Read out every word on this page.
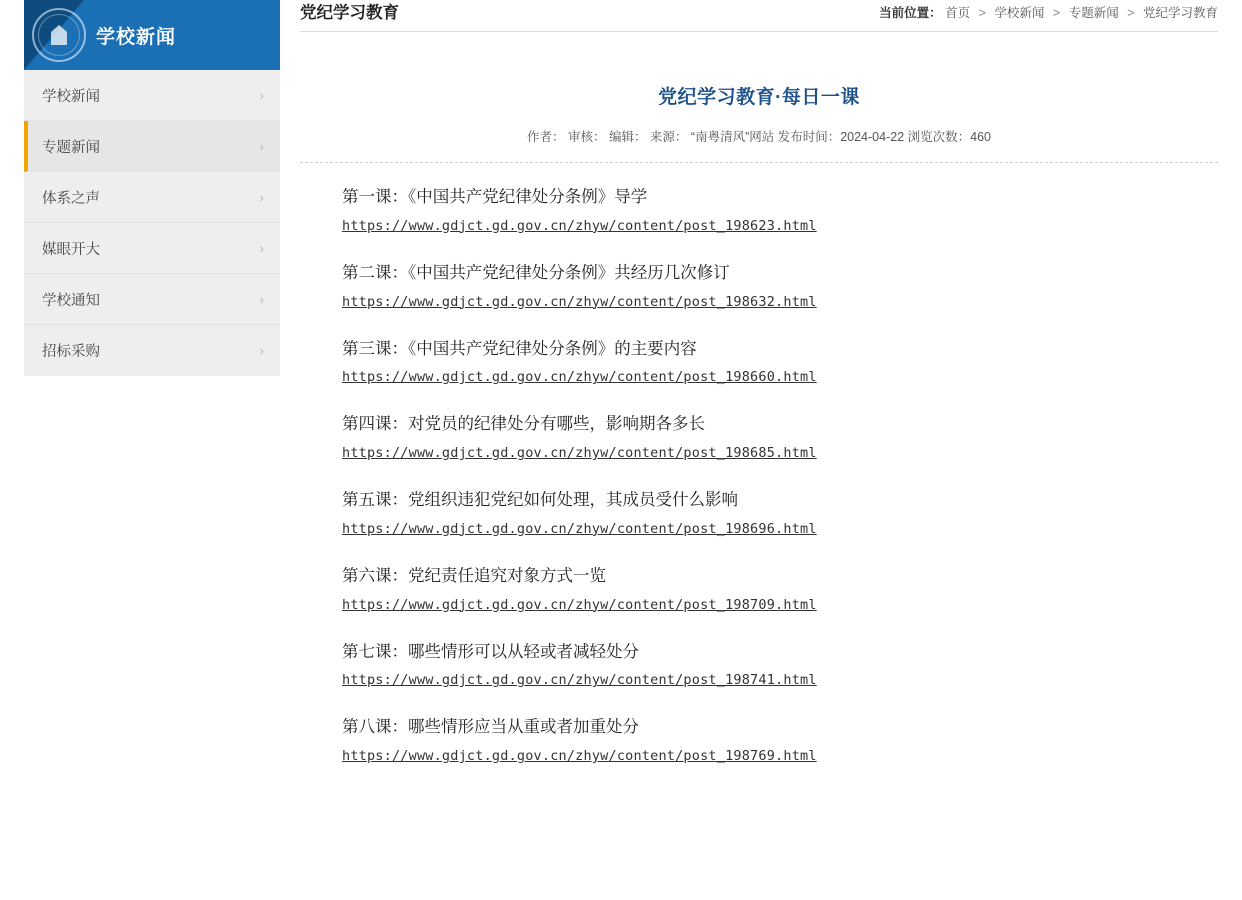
学校新闻
学校新闻	›
专题新闻	›
体系之声	›
媒眼开大	›
学校通知	›
招标采购	›
党纪学习教育	当前位置： 首页 > 学校新闻 > 专题新闻 > 党纪学习教育
党纪学习教育·每日一课
作者： 审核： 编辑： 来源： “南粤清风”网站 发布时间：2024-04-22 浏览次数：460
第一课：《中国共产党纪律处分条例》导学
https://www.gdjct.gd.gov.cn/zhyw/content/post_198623.html
第二课：《中国共产党纪律处分条例》共经历几次修订
https://www.gdjct.gd.gov.cn/zhyw/content/post_198632.html
第三课：《中国共产党纪律处分条例》的主要内容
https://www.gdjct.gd.gov.cn/zhyw/content/post_198660.html
第四课：对党员的纪律处分有哪些，影响期各多长
https://www.gdjct.gd.gov.cn/zhyw/content/post_198685.html
第五课：党组织违犯党纪如何处理，其成员受什么影响
https://www.gdjct.gd.gov.cn/zhyw/content/post_198696.html
第六课：党纪责任追究对象方式一览
https://www.gdjct.gd.gov.cn/zhyw/content/post_198709.html
第七课：哪些情形可以从轻或者减轻处分
https://www.gdjct.gd.gov.cn/zhyw/content/post_198741.html
第八课：哪些情形应当从重或者加重处分
https://www.gdjct.gd.gov.cn/zhyw/content/post_198769.html
